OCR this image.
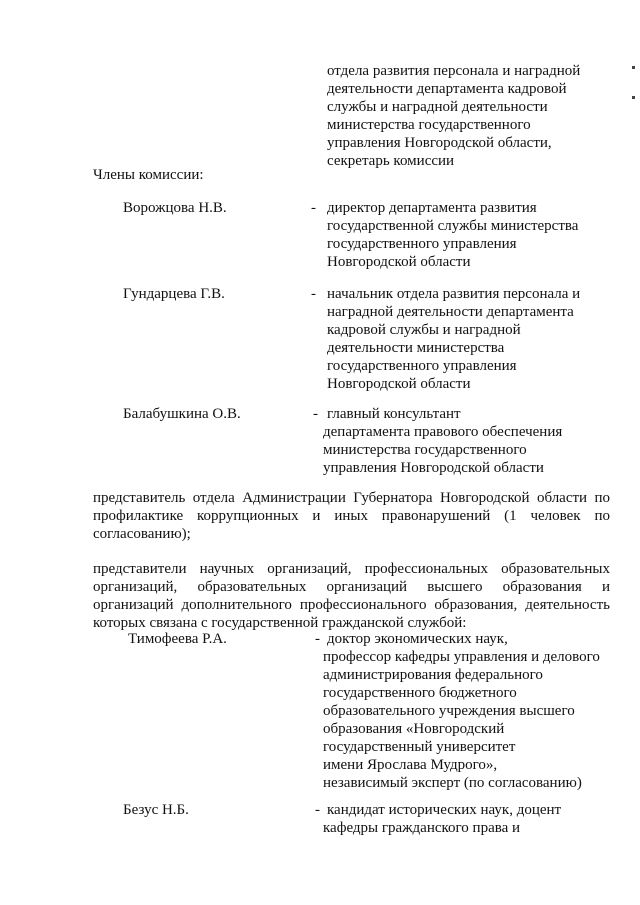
отдела развития персонала и наградной
деятельности департамента кадровой
службы и наградной деятельности
министерства государственного
управления Новгородской области,
секретарь комиссии
Члены комиссии:
Ворожцова Н.В.	- директор департамента развития
государственной службы министерства
государственного управления
Новгородской области
Гундарцева Г.В.	- начальник отдела развития персонала и
наградной деятельности департамента
кадровой службы и наградной
деятельности министерства
государственного управления
Новгородской области
Балабушкина О.В.	- главный консультант
департамента правового обеспечения
министерства государственного
управления Новгородской области
представитель отдела Администрации Губернатора Новгородской области по
профилактике коррупционных и иных правонарушений (1 человек по
согласованию);
представители научных организаций, профессиональных образовательных
организаций, образовательных организаций высшего образования и
организаций дополнительного профессионального образования, деятельность
которых связана с государственной гражданской службой:
Тимофеева Р.А.	- доктор экономических наук,
профессор кафедры управления и делового
администрирования федерального
государственного бюджетного
образовательного учреждения высшего
образования «Новгородский
государственный университет
имени Ярослава Мудрого»,
независимый эксперт (по согласованию)
Безус Н.Б.	- кандидат исторических наук, доцент
кафедры гражданского права и
